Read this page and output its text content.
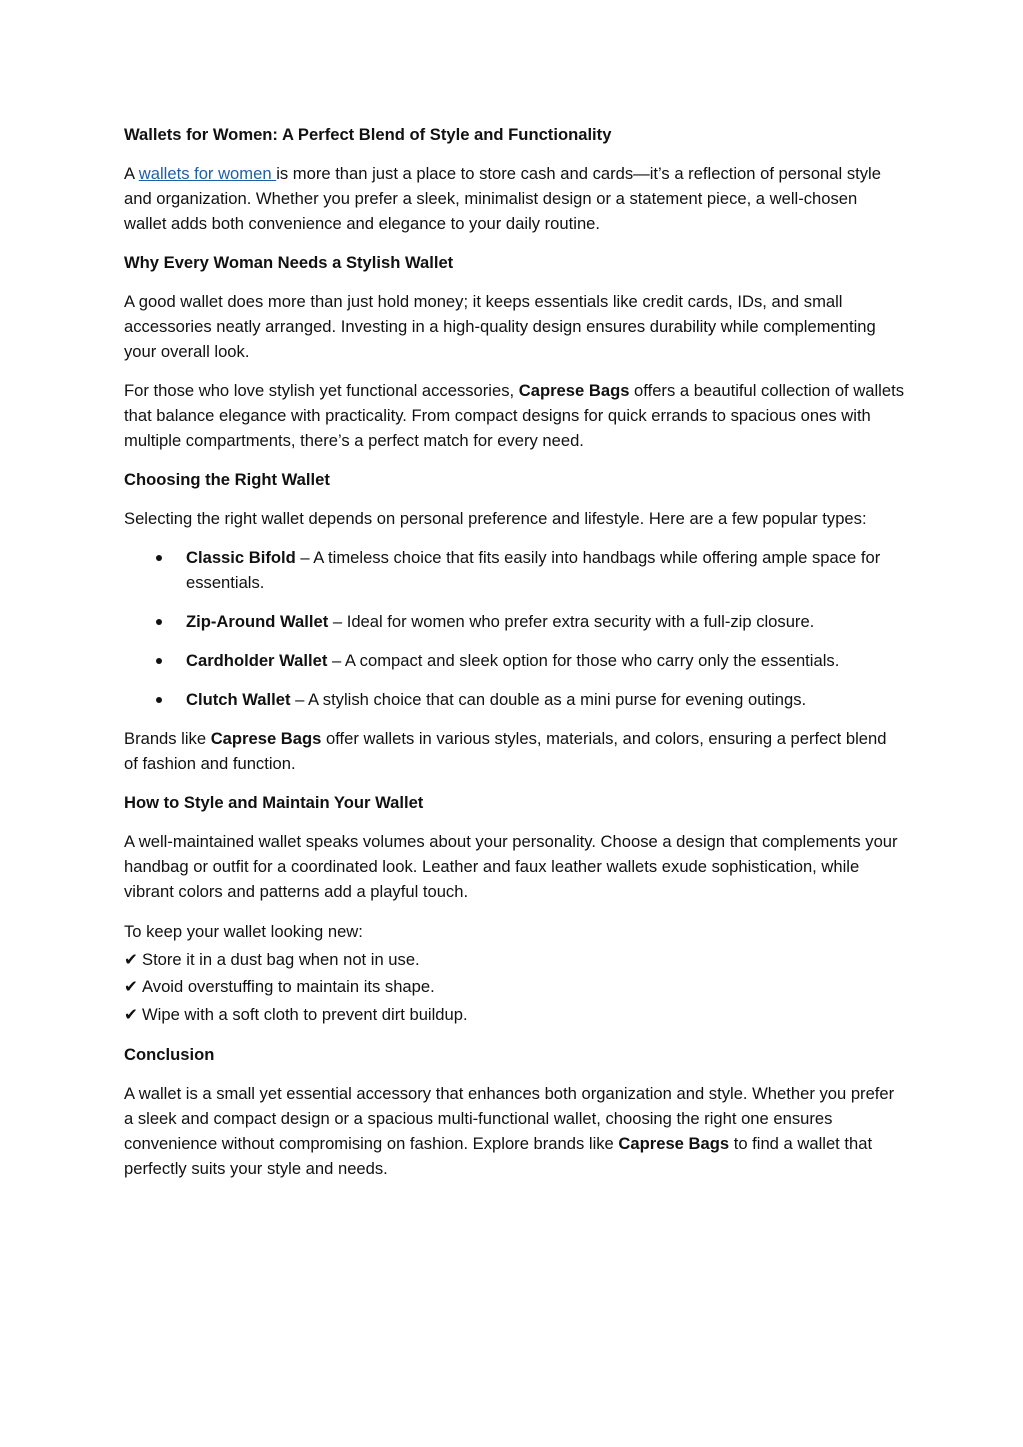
Wallets for Women: A Perfect Blend of Style and Functionality

A wallets for women is more than just a place to store cash and cards—it’s a reflection of personal style and organization. Whether you prefer a sleek, minimalist design or a statement piece, a well-chosen wallet adds both convenience and elegance to your daily routine.

Why Every Woman Needs a Stylish Wallet

A good wallet does more than just hold money; it keeps essentials like credit cards, IDs, and small accessories neatly arranged. Investing in a high-quality design ensures durability while complementing your overall look.

For those who love stylish yet functional accessories, Caprese Bags offers a beautiful collection of wallets that balance elegance with practicality. From compact designs for quick errands to spacious ones with multiple compartments, there’s a perfect match for every need.

Choosing the Right Wallet

Selecting the right wallet depends on personal preference and lifestyle. Here are a few popular types:

Classic Bifold – A timeless choice that fits easily into handbags while offering ample space for essentials.
Zip-Around Wallet – Ideal for women who prefer extra security with a full-zip closure.
Cardholder Wallet – A compact and sleek option for those who carry only the essentials.
Clutch Wallet – A stylish choice that can double as a mini purse for evening outings.

Brands like Caprese Bags offer wallets in various styles, materials, and colors, ensuring a perfect blend of fashion and function.

How to Style and Maintain Your Wallet

A well-maintained wallet speaks volumes about your personality. Choose a design that complements your handbag or outfit for a coordinated look. Leather and faux leather wallets exude sophistication, while vibrant colors and patterns add a playful touch.

To keep your wallet looking new:
✔ Store it in a dust bag when not in use.
✔ Avoid overstuffing to maintain its shape.
✔ Wipe with a soft cloth to prevent dirt buildup.
Conclusion

A wallet is a small yet essential accessory that enhances both organization and style. Whether you prefer a sleek and compact design or a spacious multi-functional wallet, choosing the right one ensures convenience without compromising on fashion. Explore brands like Caprese Bags to find a wallet that perfectly suits your style and needs.
